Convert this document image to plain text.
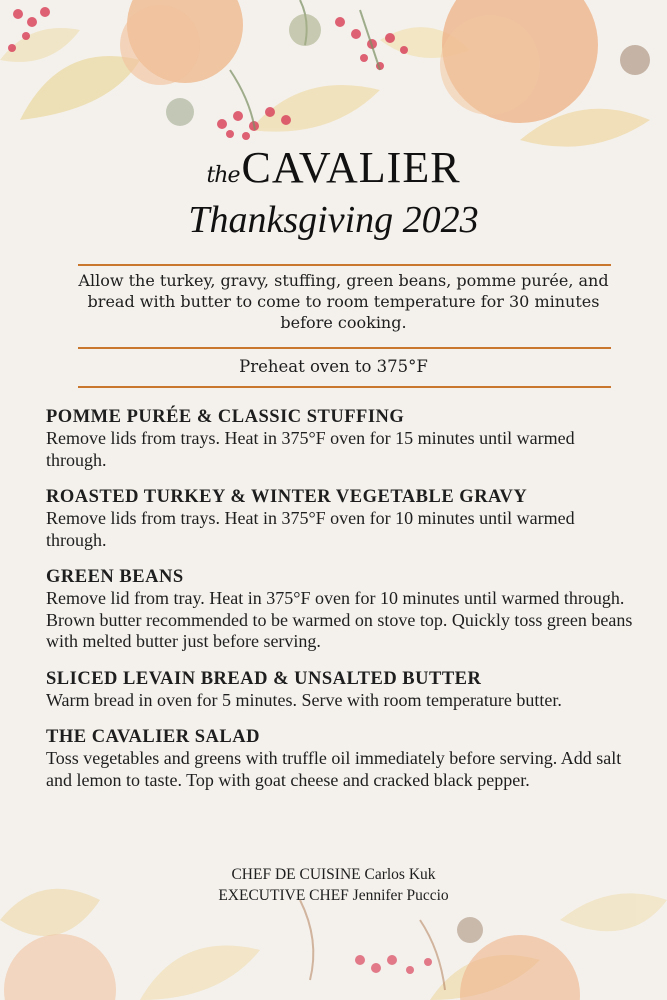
theCAVALIER
Thanksgiving 2023
Allow the turkey, gravy, stuffing, green beans, pomme purée, and bread with butter to come to room temperature for 30 minutes before cooking.
Preheat oven to 375°F
POMME PURÉE & CLASSIC STUFFING
Remove lids from trays. Heat in 375°F oven for 15 minutes until warmed through.
ROASTED TURKEY & WINTER VEGETABLE GRAVY
Remove lids from trays. Heat in 375°F oven for 10 minutes until warmed through.
GREEN BEANS
Remove lid from tray. Heat in 375°F oven for 10 minutes until warmed through. Brown butter recommended to be warmed on stove top. Quickly toss green beans with melted butter just before serving.
SLICED LEVAIN BREAD & UNSALTED BUTTER
Warm bread in oven for 5 minutes. Serve with room temperature butter.
THE CAVALIER SALAD
Toss vegetables and greens with truffle oil immediately before serving. Add salt and lemon to taste. Top with goat cheese and cracked black pepper.
CHEF DE CUISINE Carlos Kuk
EXECUTIVE CHEF Jennifer Puccio
